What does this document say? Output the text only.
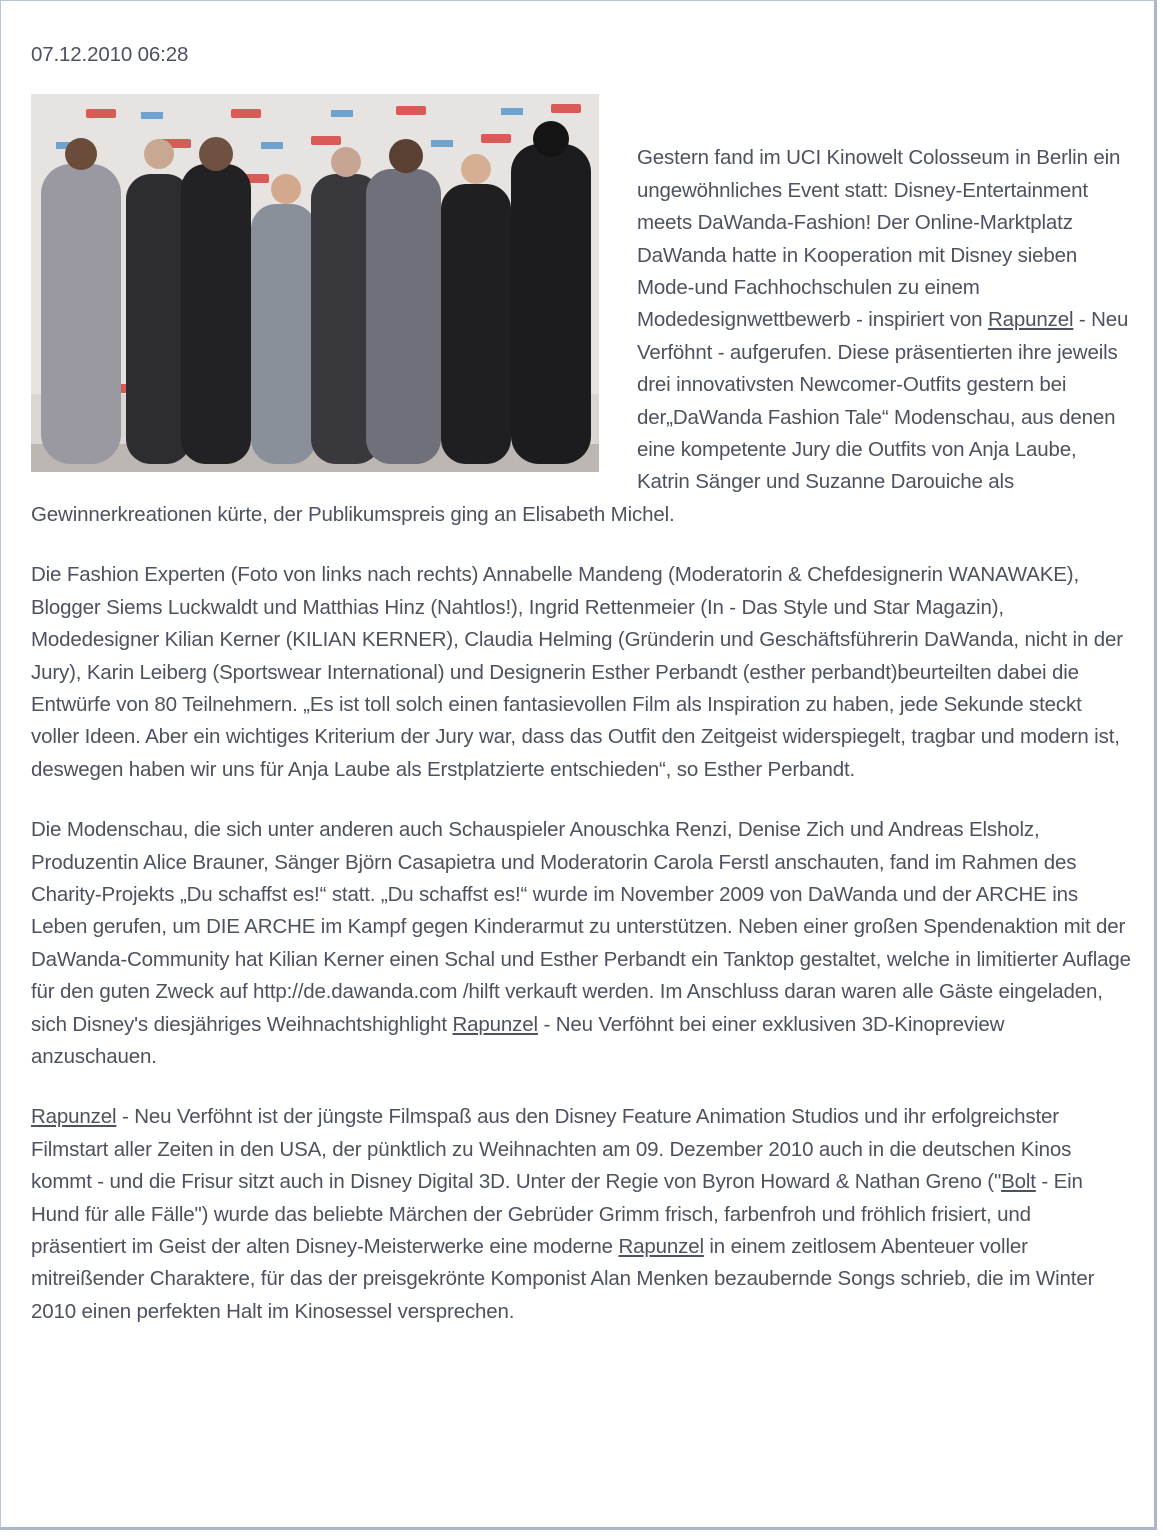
07.12.2010 06:28

Gestern fand im UCI Kinowelt Colosseum in Berlin ein ungewöhnliches Event statt: Disney-Entertainment meets DaWanda-Fashion! Der Online-Marktplatz DaWanda hatte in Kooperation mit Disney sieben Mode-und Fachhochschulen zu einem Modedesignwettbewerb - inspiriert von Rapunzel - Neu Verföhnt - aufgerufen. Diese präsentierten ihre jeweils drei innovativsten Newcomer-Outfits gestern bei der„DaWanda Fashion Tale“ Modenschau, aus denen eine kompetente Jury die Outfits von Anja Laube, Katrin Sänger und Suzanne Darouiche als Gewinnerkreationen kürte, der Publikumspreis ging an Elisabeth Michel.

Die Fashion Experten (Foto von links nach rechts) Annabelle Mandeng (Moderatorin & Chefdesignerin WANAWAKE), Blogger Siems Luckwaldt und Matthias Hinz (Nahtlos!), Ingrid Rettenmeier (In - Das Style und Star Magazin), Modedesigner Kilian Kerner (KILIAN KERNER), Claudia Helming (Gründerin und Geschäftsführerin DaWanda, nicht in der Jury), Karin Leiberg (Sportswear International) und Designerin Esther Perbandt (esther perbandt)beurteilten dabei die Entwürfe von 80 Teilnehmern. „Es ist toll solch einen fantasievollen Film als Inspiration zu haben, jede Sekunde steckt voller Ideen. Aber ein wichtiges Kriterium der Jury war, dass das Outfit den Zeitgeist widerspiegelt, tragbar und modern ist, deswegen haben wir uns für Anja Laube als Erstplatzierte entschieden“, so Esther Perbandt.

Die Modenschau, die sich unter anderen auch Schauspieler Anouschka Renzi, Denise Zich und Andreas Elsholz, Produzentin Alice Brauner, Sänger Björn Casapietra und Moderatorin Carola Ferstl anschauten, fand im Rahmen des Charity-Projekts „Du schaffst es!“ statt. „Du schaffst es!“ wurde im November 2009 von DaWanda und der ARCHE ins Leben gerufen, um DIE ARCHE im Kampf gegen Kinderarmut zu unterstützen. Neben einer großen Spendenaktion mit der DaWanda-Community hat Kilian Kerner einen Schal und Esther Perbandt ein Tanktop gestaltet, welche in limitierter Auflage für den guten Zweck auf http://de.dawanda.com /hilft verkauft werden. Im Anschluss daran waren alle Gäste eingeladen, sich Disney's diesjähriges Weihnachtshighlight Rapunzel - Neu Verföhnt bei einer exklusiven 3D-Kinopreview anzuschauen.

Rapunzel - Neu Verföhnt ist der jüngste Filmspaß aus den Disney Feature Animation Studios und ihr erfolgreichster Filmstart aller Zeiten in den USA, der pünktlich zu Weihnachten am 09. Dezember 2010 auch in die deutschen Kinos kommt - und die Frisur sitzt auch in Disney Digital 3D. Unter der Regie von Byron Howard & Nathan Greno ("Bolt - Ein Hund für alle Fälle") wurde das beliebte Märchen der Gebrüder Grimm frisch, farbenfroh und fröhlich frisiert, und präsentiert im Geist der alten Disney-Meisterwerke eine moderne Rapunzel in einem zeitlosem Abenteuer voller mitreißender Charaktere, für das der preisgekrönte Komponist Alan Menken bezaubernde Songs schrieb, die im Winter 2010 einen perfekten Halt im Kinosessel versprechen.
